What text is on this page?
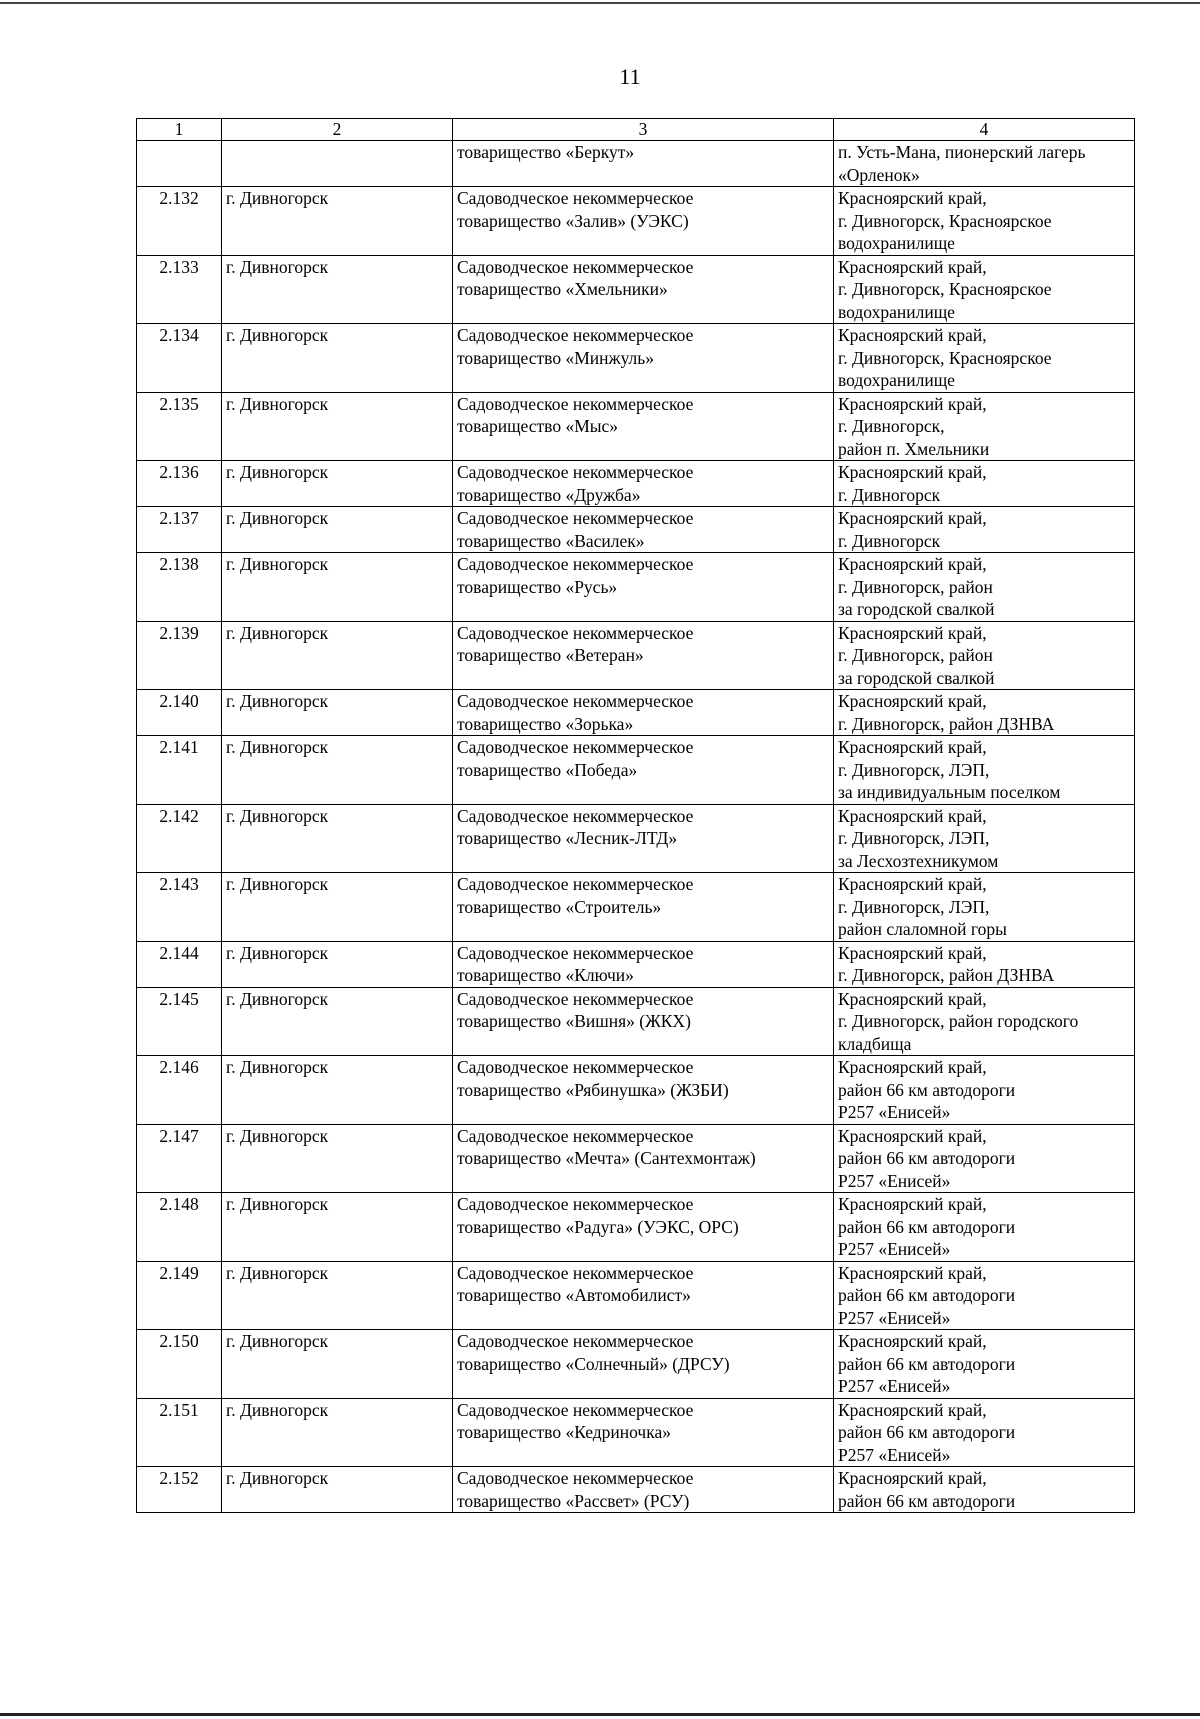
11
1	2	3	4

		товарищество «Беркут»	п. Усть-Мана, пионерский лагерь
«Орленок»

2.132	г. Дивногорск	Садоводческое некоммерческое
товарищество «Залив» (УЭКС)	Красноярский край,
г. Дивногорск, Красноярское
водохранилище

2.133	г. Дивногорск	Садоводческое некоммерческое
товарищество «Хмельники»	Красноярский край,
г. Дивногорск, Красноярское
водохранилище

2.134	г. Дивногорск	Садоводческое некоммерческое
товарищество «Минжуль»	Красноярский край,
г. Дивногорск, Красноярское
водохранилище

2.135	г. Дивногорск	Садоводческое некоммерческое
товарищество «Мыс»	Красноярский край,
г. Дивногорск,
район п. Хмельники

2.136	г. Дивногорск	Садоводческое некоммерческое
товарищество «Дружба»	Красноярский край,
г. Дивногорск

2.137	г. Дивногорск	Садоводческое некоммерческое
товарищество «Василек»	Красноярский край,
г. Дивногорск

2.138	г. Дивногорск	Садоводческое некоммерческое
товарищество «Русь»	Красноярский край,
г. Дивногорск, район
за городской свалкой

2.139	г. Дивногорск	Садоводческое некоммерческое
товарищество «Ветеран»	Красноярский край,
г. Дивногорск, район
за городской свалкой

2.140	г. Дивногорск	Садоводческое некоммерческое
товарищество «Зорька»	Красноярский край,
г. Дивногорск, район ДЗНВА

2.141	г. Дивногорск	Садоводческое некоммерческое
товарищество «Победа»	Красноярский край,
г. Дивногорск, ЛЭП,
за индивидуальным поселком

2.142	г. Дивногорск	Садоводческое некоммерческое
товарищество «Лесник-ЛТД»	Красноярский край,
г. Дивногорск, ЛЭП,
за Лесхозтехникумом

2.143	г. Дивногорск	Садоводческое некоммерческое
товарищество «Строитель»	Красноярский край,
г. Дивногорск, ЛЭП,
район слаломной горы

2.144	г. Дивногорск	Садоводческое некоммерческое
товарищество «Ключи»	Красноярский край,
г. Дивногорск, район ДЗНВА

2.145	г. Дивногорск	Садоводческое некоммерческое
товарищество «Вишня» (ЖКХ)	Красноярский край,
г. Дивногорск, район городского
кладбища

2.146	г. Дивногорск	Садоводческое некоммерческое
товарищество «Рябинушка» (ЖЗБИ)	Красноярский край,
район 66 км автодороги
Р257 «Енисей»

2.147	г. Дивногорск	Садоводческое некоммерческое
товарищество «Мечта» (Сантехмонтаж)	Красноярский край,
район 66 км автодороги
Р257 «Енисей»

2.148	г. Дивногорск	Садоводческое некоммерческое
товарищество «Радуга» (УЭКС, ОРС)	Красноярский край,
район 66 км автодороги
Р257 «Енисей»

2.149	г. Дивногорск	Садоводческое некоммерческое
товарищество «Автомобилист»	Красноярский край,
район 66 км автодороги
Р257 «Енисей»

2.150	г. Дивногорск	Садоводческое некоммерческое
товарищество «Солнечный» (ДРСУ)	Красноярский край,
район 66 км автодороги
Р257 «Енисей»

2.151	г. Дивногорск	Садоводческое некоммерческое
товарищество «Кедриночка»	Красноярский край,
район 66 км автодороги
Р257 «Енисей»

2.152	г. Дивногорск	Садоводческое некоммерческое
товарищество «Рассвет» (РСУ)	Красноярский край,
район 66 км автодороги
